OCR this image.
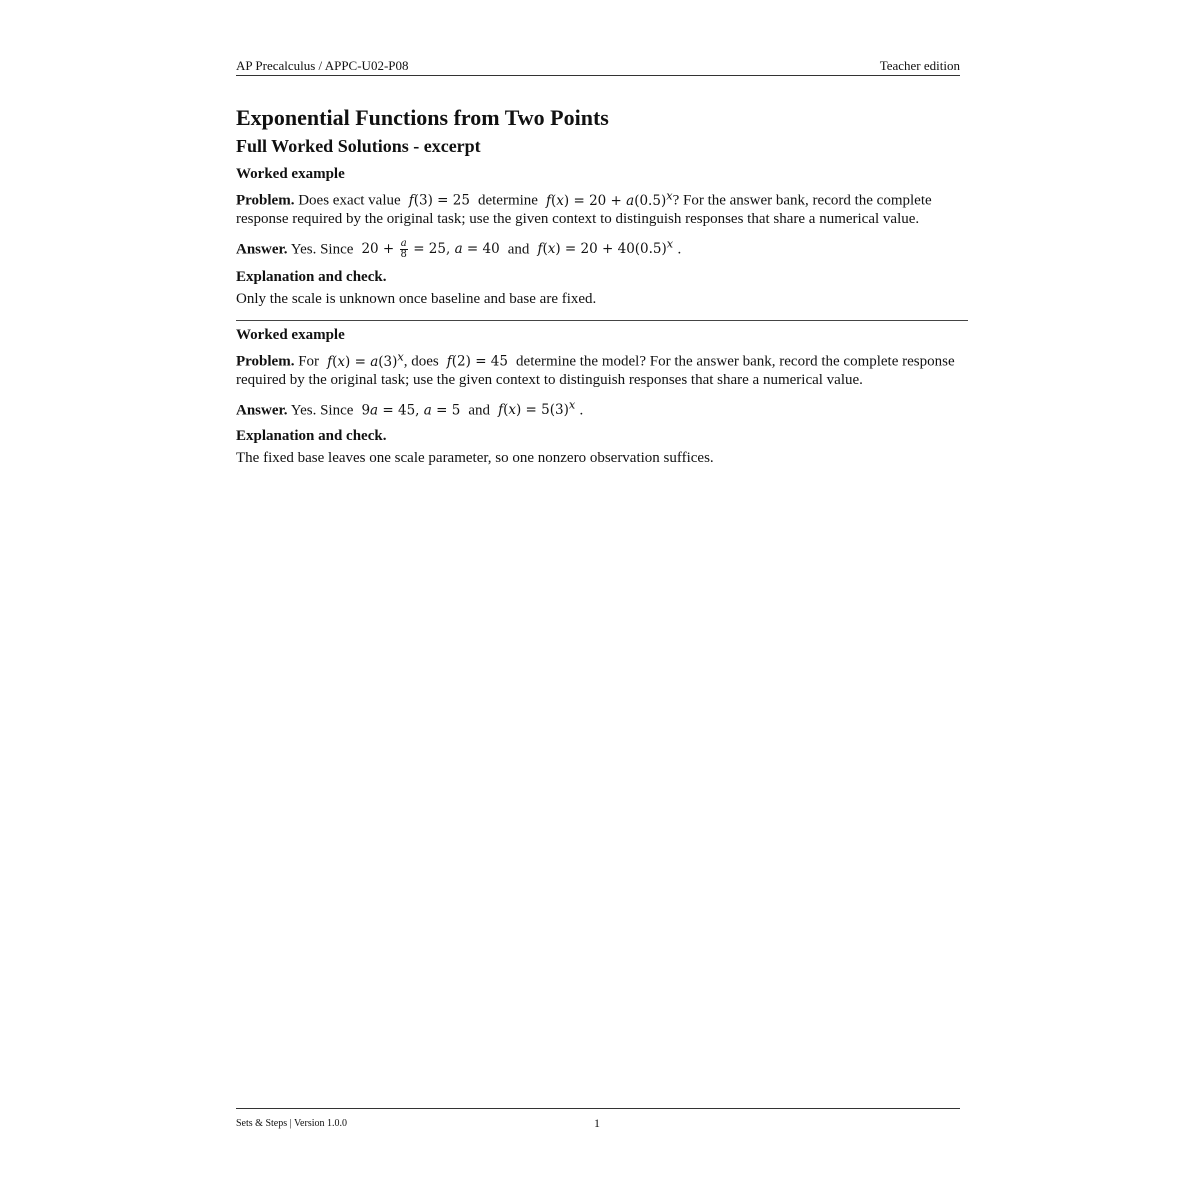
AP Precalculus / APPC-U02-P08	Teacher edition
Exponential Functions from Two Points
Full Worked Solutions - excerpt
Worked example

Problem. Does exact value f(3) = 25  determine $f(x) = 20 + a(0.5)^x$? For the answer bank, record the complete response required by the original task; use the given context to distinguish responses that share a numerical value.

Answer. Yes. Since  $20 + \frac{a}{8} = 25$, a = 40  and $f(x) = 20 + 40(0.5)^x$ .

Explanation and check.

Only the scale is unknown once baseline and base are fixed.

Worked example

Problem. For $f(x) = a(3)^x$, does f(2) = 45  determine the model? For the answer bank, record the complete response required by the original task; use the given context to distinguish responses that share a numerical value.

Answer. Yes. Since  9a = 45, a = 5  and $f(x) = 5(3)^x$ .

Explanation and check.

The fixed base leaves one scale parameter, so one nonzero observation suffices.

Sets & Steps | Version 1.0.0	1
